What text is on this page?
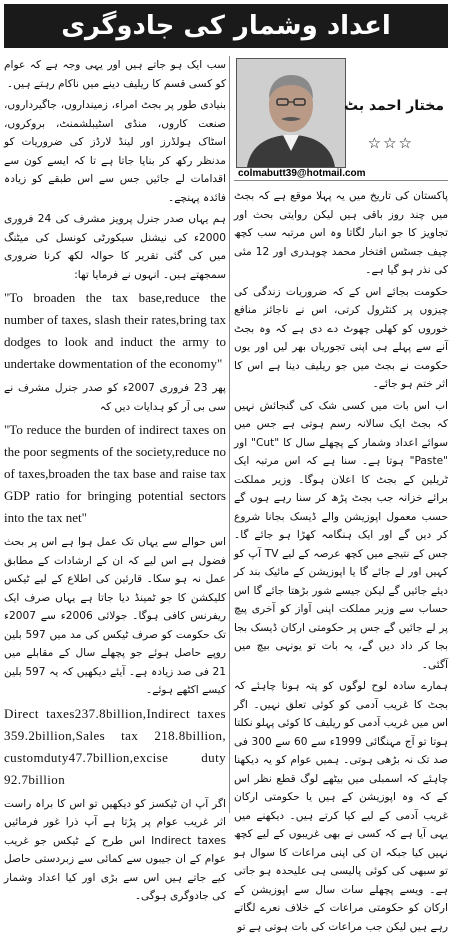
اعداد وشمار کی جادوگری
مختار احمد بٹ
☆☆☆
colmabutt39@hotmail.com

پاکستان کی تاریخ میں یہ پہلا موقع ہے کہ بجٹ میں چند روز باقی ہیں لیکن روایتی بحث اور تجاویز کا جو انبار لگاتا وہ اس مرتبہ سب کچھ چیف جسٹس افتخار محمد چوہدری اور 12 مئی کی نذر ہو گیا ہے۔

حکومت بجائے اس کے کہ ضروریات زندگی کی چیزوں پر کنٹرول کرتی، اس نے ناجائز منافع خوروں کو کھلی چھوٹ دے دی ہے کہ وہ بجٹ آنے سے پہلے ہی اپنی تجوریاں بھر لیں اور یوں حکومت نے بجٹ میں جو ریلیف دینا ہے اس کا اثر ختم ہو جائے۔

اب اس بات میں کسی شک کی گنجائش نہیں کہ بجٹ ایک سالانہ رسم ہوتی ہے جس میں سوائے اعداد وشمار کے پچھلے سال کا "Cut" اور "Paste" ہوتا ہے۔ سنا ہے کہ اس مرتبہ ایک ٹریلین کے بجٹ کا اعلان ہوگا۔ وزیر مملکت برائے خزانہ جب بجٹ پڑھ کر سنا رہے ہوں گے حسب معمول اپوزیشن والے ڈیسک بجانا شروع کر دیں گے اور ایک ہنگامہ کھڑا ہو جائے گا۔ جس کے نتیجے میں کچھ عرصہ کے لیے TV آپ کو کہیں اور لے جائے گا یا اپوزیشن کے مائیک بند کر دیئے جائیں گے لیکن جیسے شور بڑھتا جائے گا اس حساب سے وزیر مملکت اپنی آواز کو آخری پیچ پر لے جائیں گے جس پر حکومتی ارکان ڈیسک بجا بجا کر داد دیں گے، یہ بات تو یونہی بیچ میں آگئی۔

ہمارے سادہ لوح لوگوں کو پتہ ہونا چاہئے کہ بجٹ کا غریب آدمی کو کوئی تعلق نہیں۔ اگر اس میں غریب آدمی کو ریلیف کا کوئی پہلو نکلتا ہوتا تو آج مہنگائی 1999ء سے 60 سے 300 فی صد تک نہ بڑھی ہوتی۔ ہمیں عوام کو یہ دیکھنا چاہئے کہ اسمبلی میں بیٹھے لوگ قطع نظر اس کے کہ وہ اپوزیشن کے ہیں یا حکومتی ارکان غریب آدمی کے لیے کیا کرتے ہیں۔ دیکھنے میں یہی آیا ہے کہ کسی نے بھی غریبوں کے لیے کچھ نہیں کیا جبکہ ان کی اپنی مراعات کا سوال ہو تو سبھی کی کوئی پالیسی ہی علیحدہ ہو جاتی ہے۔ ویسے پچھلے سات سال سے اپوزیشن کے ارکان کو حکومتی مراعات کے خلاف نعرے لگاتے رہے ہیں لیکن جب مراعات کی بات ہوتی ہے تو

سب ایک ہو جاتے ہیں اور یہی وجہ ہے کہ عوام کو کسی قسم کا ریلیف دینے میں ناکام رہتے ہیں۔

بنیادی طور پر بجٹ امراء، زمینداروں، جاگیرداروں، صنعت کاروں، منڈی اسٹیبلشمنٹ، بروکروں، اسٹاک ہولڈرز اور لینڈ لارڈز کی ضروریات کو مدنظر رکھ کر بنایا جاتا ہے تا کہ ایسے کون سے اقدامات لے جائیں جس سے اس طبقے کو زیادہ فائدہ پہنچے۔

ہم یہاں صدر جنرل پرویز مشرف کی 24 فروری 2000ء کی نیشنل سیکورٹی کونسل کی میٹنگ میں کی گئی تقریر کا حوالہ لکھ کرنا ضروری سمجھتے ہیں۔ انہوں نے فرمایا تھا:

"To broaden the tax base,reduce the number of taxes, slash their rates,bring tax dodges to look and induct the army to undertake dowmentation of the economy"

پھر 23 فروری 2007ء کو صدر جنرل مشرف نے سی بی آر کو ہدایات دیں کہ

"To reduce the burden of indirect taxes on the poor segments of the society,reduce no of taxes,broaden the tax base and raise tax GDP ratio for bringing potential sectors into the tax net"

اس حوالے سے یہاں تک عمل ہوا ہے اس پر بحث فضول ہے اس لیے کہ ان کے ارشادات کے مطابق عمل نہ ہو سکا۔ قارئین کی اطلاع کے لیے ٹیکس کلیکشن کا جو ٹمینڈ دیا جاتا ہے یہاں صرف ایک ریفرنس کافی ہوگا۔ جولائی 2006ء سے 2007ء تک حکومت کو صرف ٹیکس کی مد میں 597 بلین روپے حاصل ہوئے جو پچھلے سال کے مقابلے میں 21 فی صد زیادہ ہے۔ آیئے دیکھیں کہ یہ 597 بلین کیسے اکٹھے ہوئے۔

Direct taxes237.8billion,Indirect taxes 359.2billion,Sales tax 218.8billion, customduty47.7billion,excise duty 92.7billion

اگر آپ ان ٹیکسز کو دیکھیں تو اس کا براہ راست اثر غریب عوام پر پڑتا ہے آپ ذرا غور فرمائیں Indirect taxes اس طرح کے ٹیکس جو غریب عوام کے ان جیبوں سے کمائی سے زبردستی حاصل کیے جاتے ہیں اس سے بڑی اور کیا اعداد وشمار کی جادوگری ہوگی۔
